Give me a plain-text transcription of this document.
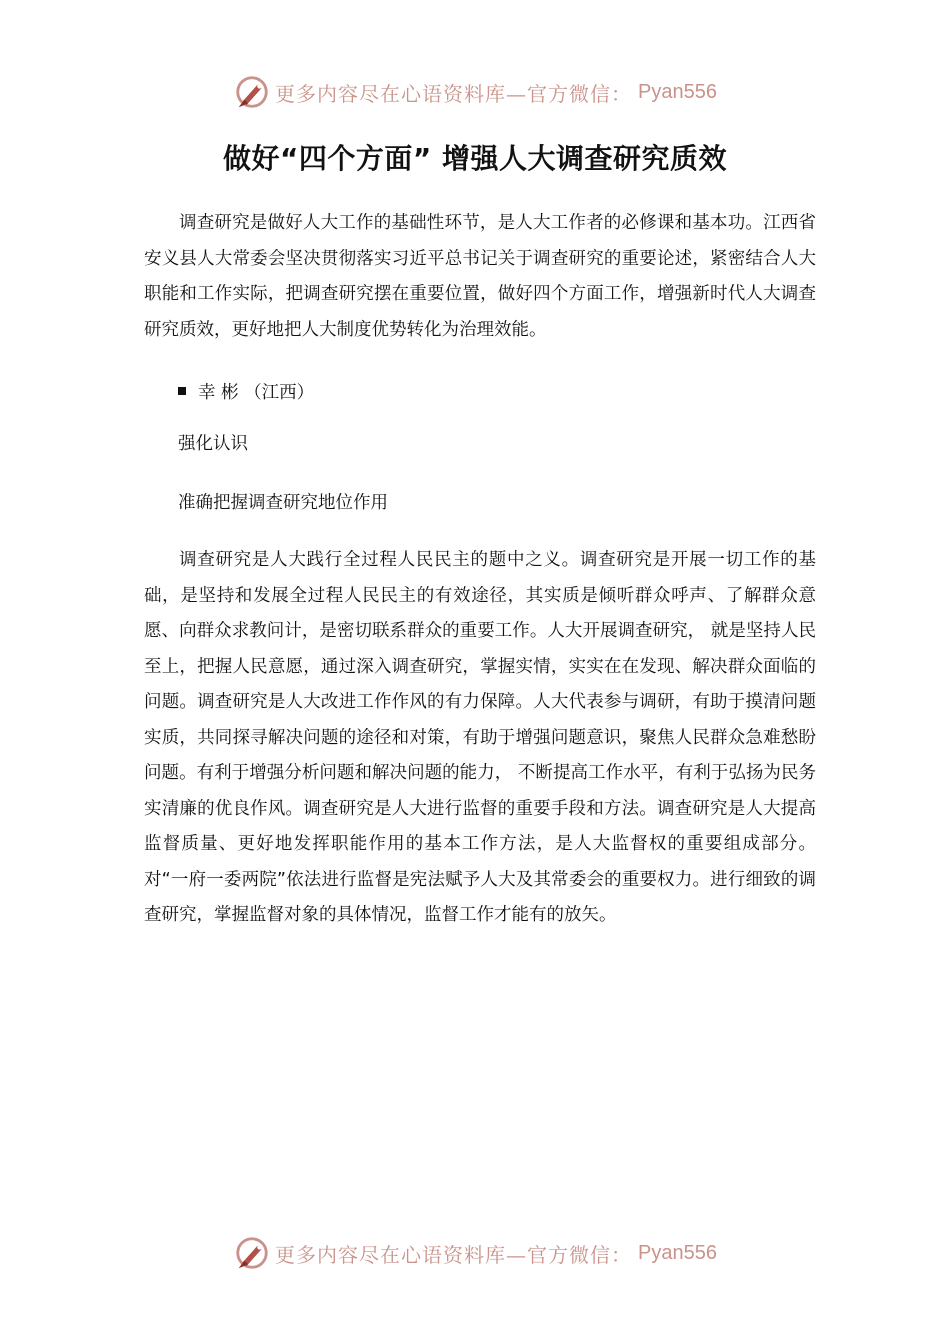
更多内容尽在心语资料库—官方微信： Pyan556
做好“四个方面” 增强人大调查研究质效

调查研究是做好人大工作的基础性环节，是人大工作者的必修课和基本功。江西省安义县人大常委会坚决贯彻落实习近平总书记关于调查研究的重要论述，紧密结合人大职能和工作实际，把调查研究摆在重要位置，做好四个方面工作，增强新时代人大调查研究质效，更好地把人大制度优势转化为治理效能。

幸 彬 （江西）

强化认识

准确把握调查研究地位作用

调查研究是人大践行全过程人民民主的题中之义。调查研究是开展一切工作的基础，是坚持和发展全过程人民民主的有效途径，其实质是倾听群众呼声、了解群众意愿、向群众求教问计，是密切联系群众的重要工作。人大开展调查研究， 就是坚持人民至上，把握人民意愿，通过深入调查研究，掌握实情，实实在在发现、解决群众面临的问题。调查研究是人大改进工作作风的有力保障。人大代表参与调研，有助于摸清问题实质，共同探寻解决问题的途径和对策，有助于增强问题意识，聚焦人民群众急难愁盼问题。有利于增强分析问题和解决问题的能力， 不断提高工作水平，有利于弘扬为民务实清廉的优良作风。调查研究是人大进行监督的重要手段和方法。调查研究是人大提高监督质量、更好地发挥职能作用的基本工作方法，是人大监督权的重要组成部分。对“一府一委两院”依法进行监督是宪法赋予人大及其常委会的重要权力。进行细致的调查研究，掌握监督对象的具体情况，监督工作才能有的放矢。

更多内容尽在心语资料库—官方微信： Pyan556
